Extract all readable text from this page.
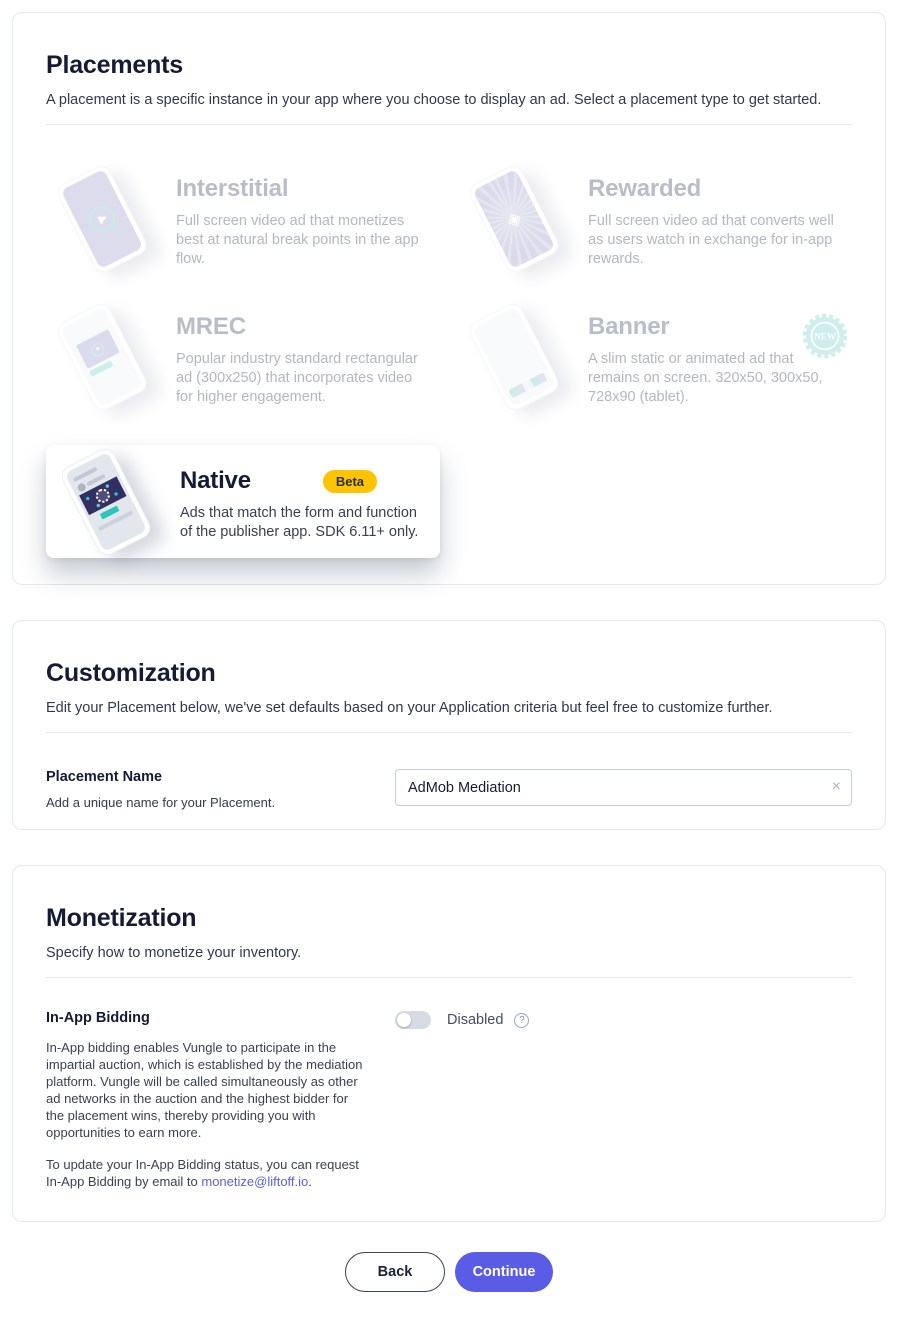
Placements
A placement is a specific instance in your app where you choose to display an ad. Select a placement type to get started.
▶
Interstitial
Full screen video ad that monetizes best at natural break points in the app flow.
◈
Rewarded
Full screen video ad that converts well as users watch in exchange for in-app rewards.
▶
MREC
Popular industry standard rectangular ad (300x250) that incorporates video for higher engagement.
Banner
A slim static or animated ad that remains on screen. 320x50, 300x50, 728x90 (tablet).
NEW
Native	Beta
Ads that match the form and function of the publisher app. SDK 6.11+ only.
Customization
Edit your Placement below, we've set defaults based on your Application criteria but feel free to customize further.
Placement Name
Add a unique name for your Placement.
AdMob Mediation
×
Monetization
Specify how to monetize your inventory.
In-App Bidding
In-App bidding enables Vungle to participate in the impartial auction, which is established by the mediation platform. Vungle will be called simultaneously as other ad networks in the auction and the highest bidder for the placement wins, thereby providing you with opportunities to earn more.
To update your In-App Bidding status, you can request In-App Bidding by email to monetize@liftoff.io.
Disabled	?
Back	Continue
